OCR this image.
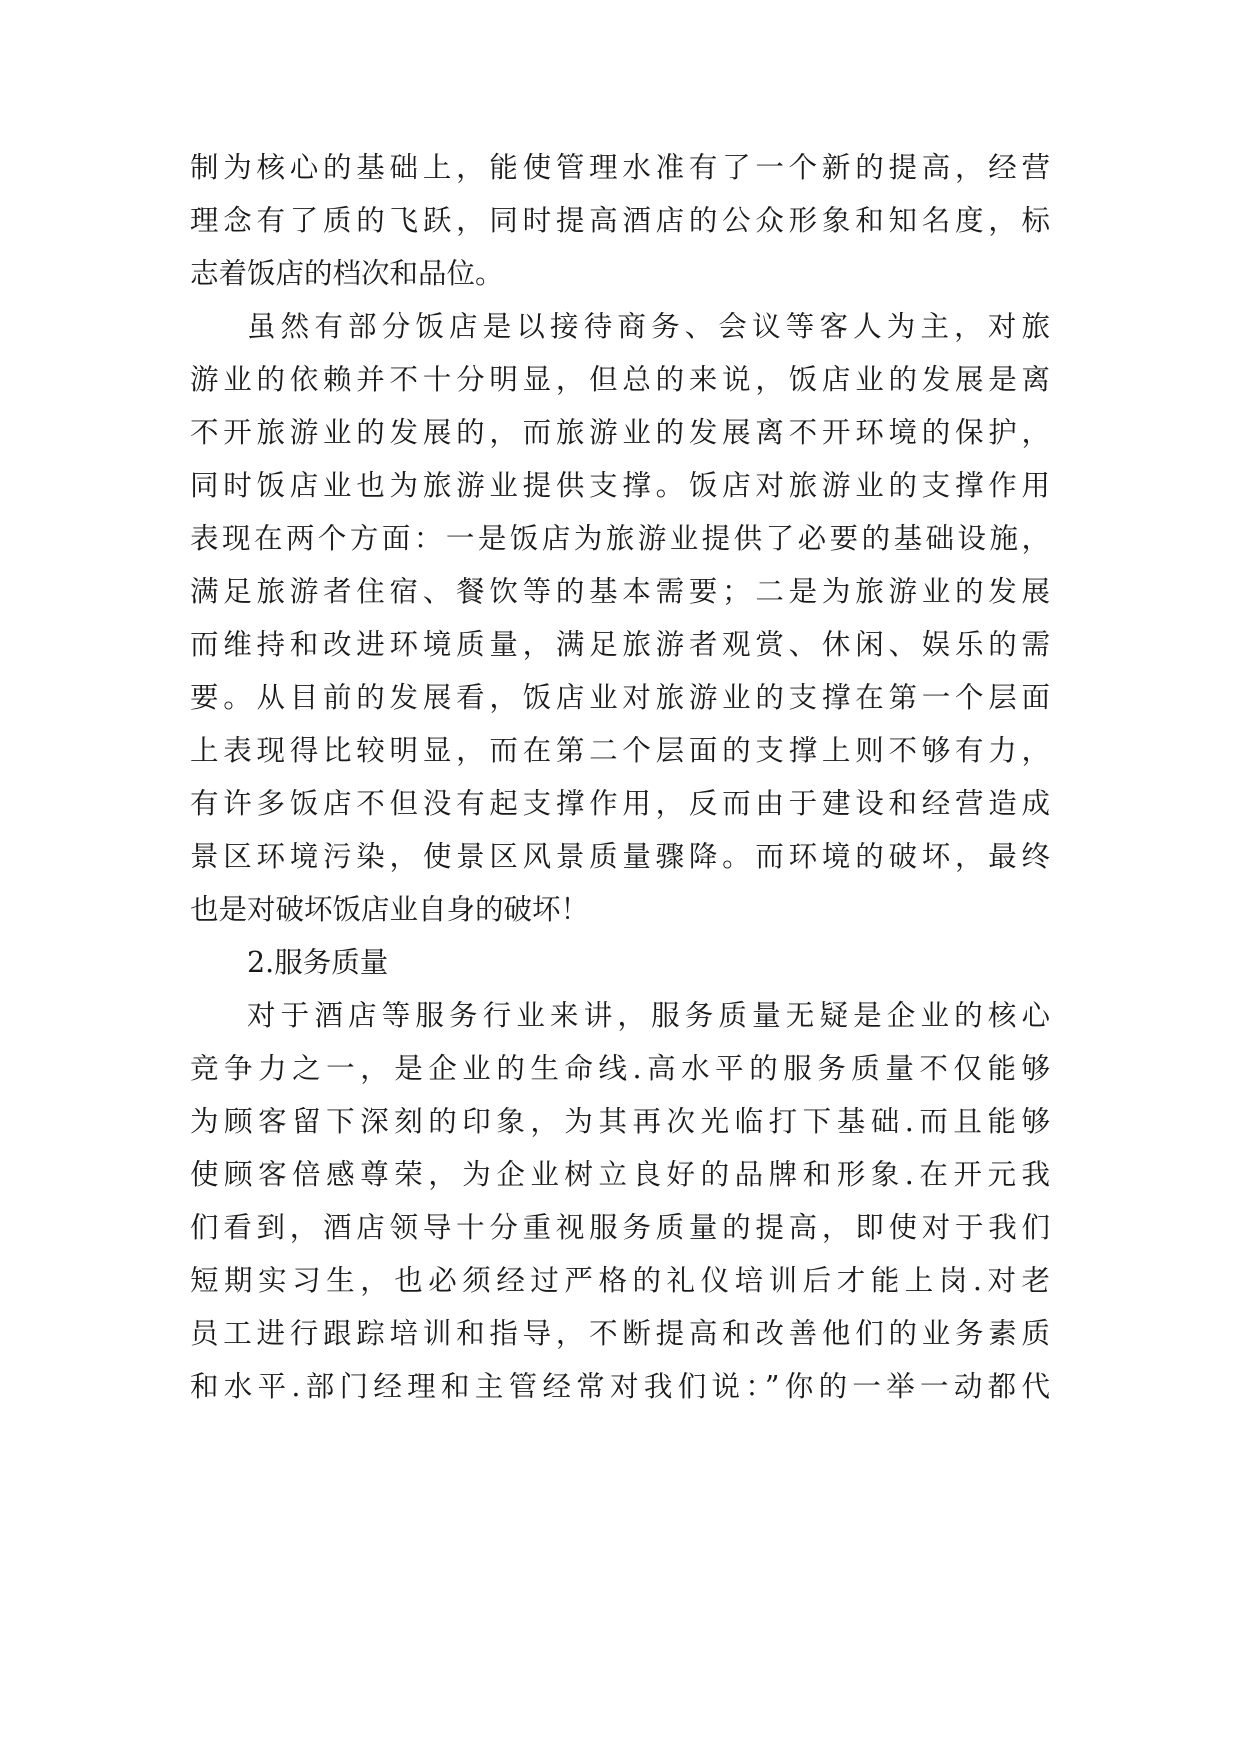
制为核心的基础上，能使管理水准有了一个新的提高，经营
理念有了质的飞跃，同时提高酒店的公众形象和知名度，标
志着饭店的档次和品位。
虽然有部分饭店是以接待商务、会议等客人为主，对旅
游业的依赖并不十分明显，但总的来说，饭店业的发展是离
不开旅游业的发展的，而旅游业的发展离不开环境的保护，
同时饭店业也为旅游业提供支撑。饭店对旅游业的支撑作用
表现在两个方面：一是饭店为旅游业提供了必要的基础设施，
满足旅游者住宿、餐饮等的基本需要；二是为旅游业的发展
而维持和改进环境质量，满足旅游者观赏、休闲、娱乐的需
要。从目前的发展看，饭店业对旅游业的支撑在第一个层面
上表现得比较明显，而在第二个层面的支撑上则不够有力，
有许多饭店不但没有起支撑作用，反而由于建设和经营造成
景区环境污染，使景区风景质量骤降。而环境的破坏，最终
也是对破坏饭店业自身的破坏！
2.服务质量
对于酒店等服务行业来讲，服务质量无疑是企业的核心
竞争力之一，是企业的生命线.高水平的服务质量不仅能够
为顾客留下深刻的印象，为其再次光临打下基础.而且能够
使顾客倍感尊荣，为企业树立良好的品牌和形象.在开元我
们看到，酒店领导十分重视服务质量的提高，即使对于我们
短期实习生，也必须经过严格的礼仪培训后才能上岗.对老
员工进行跟踪培训和指导，不断提高和改善他们的业务素质
和水平.部门经理和主管经常对我们说：”你的一举一动都代
